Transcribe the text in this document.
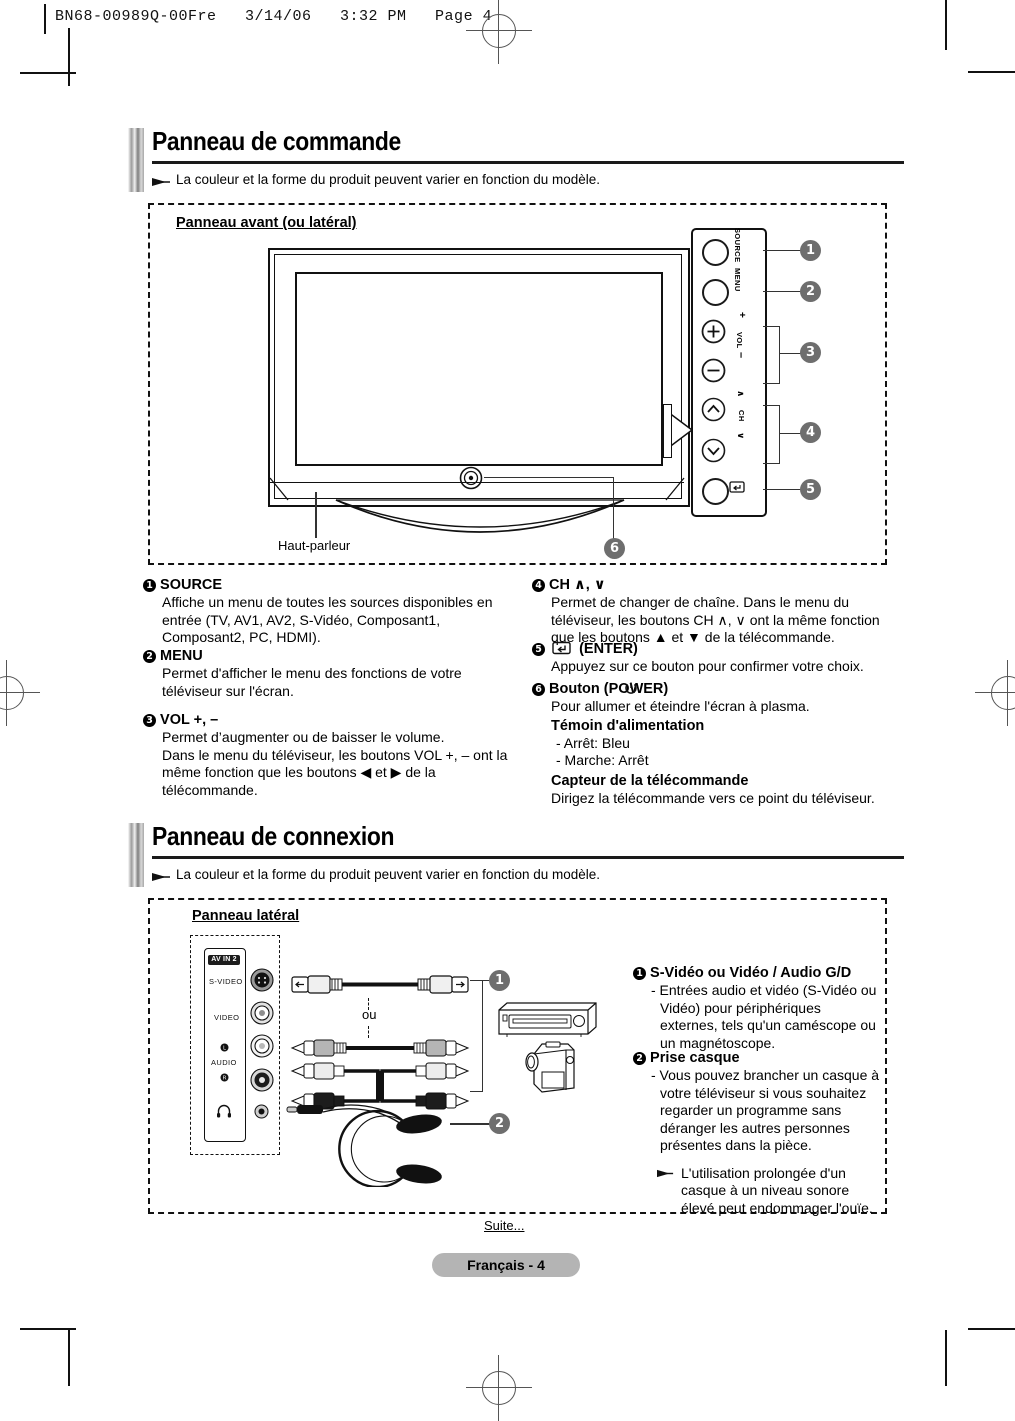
BN68-00989Q-00Fre   3/14/06   3:32 PM   Page 4
Panneau de commande
La couleur et la forme du produit peuvent varier en fonction du modèle.
Panneau avant (ou latéral)
Haut-parleur	6
SOURCE	1
MENU	2
+
VOL
–	3
∧
CH
∨	4
5
1 SOURCE
Affiche un menu de toutes les sources disponibles en entrée (TV, AV1, AV2, S-Vidéo, Composant1, Composant2, PC, HDMI).
2 MENU
Permet d'afficher le menu des fonctions de votre téléviseur sur l'écran.
3 VOL +, –
Permet d’augmenter ou de baisser le volume.
Dans le menu du téléviseur, les boutons VOL +, – ont la même fonction que les boutons ◀ et ▶ de la télécommande.
4 CH ∧, ∨
Permet de changer de chaîne. Dans le menu du téléviseur, les boutons CH ∧, ∨ ont la même fonction que les boutons ▲ et ▼ de la télécommande.
5	(ENTER)
Appuyez sur ce bouton pour confirmer votre choix.
6 Bouton (POWER)
Pour allumer et éteindre l'écran à plasma.
Témoin d'alimentation
- Arrêt: Bleu
- Marche: Arrêt
Capteur de la télécommande
Dirigez la télécommande vers ce point du téléviseur.
Panneau de connexion
La couleur et la forme du produit peuvent varier en fonction du modèle.
Panneau latéral
AV IN 2
S-VIDEO
VIDEO
L
AUDIO
R
ou
1
2
1 S-Vidéo ou Vidéo / Audio G/D
- Entrées audio et vidéo (S-Vidéo ou Vidéo) pour périphériques externes, tels qu'un caméscope ou un magnétoscope.
2 Prise casque
- Vous pouvez brancher un casque à votre téléviseur si vous souhaitez regarder un programme sans déranger les autres personnes présentes dans la pièce.
L'utilisation prolongée d'un casque à un niveau sonore élevé peut endommager l'ouïe.
Suite...
Français - 4
